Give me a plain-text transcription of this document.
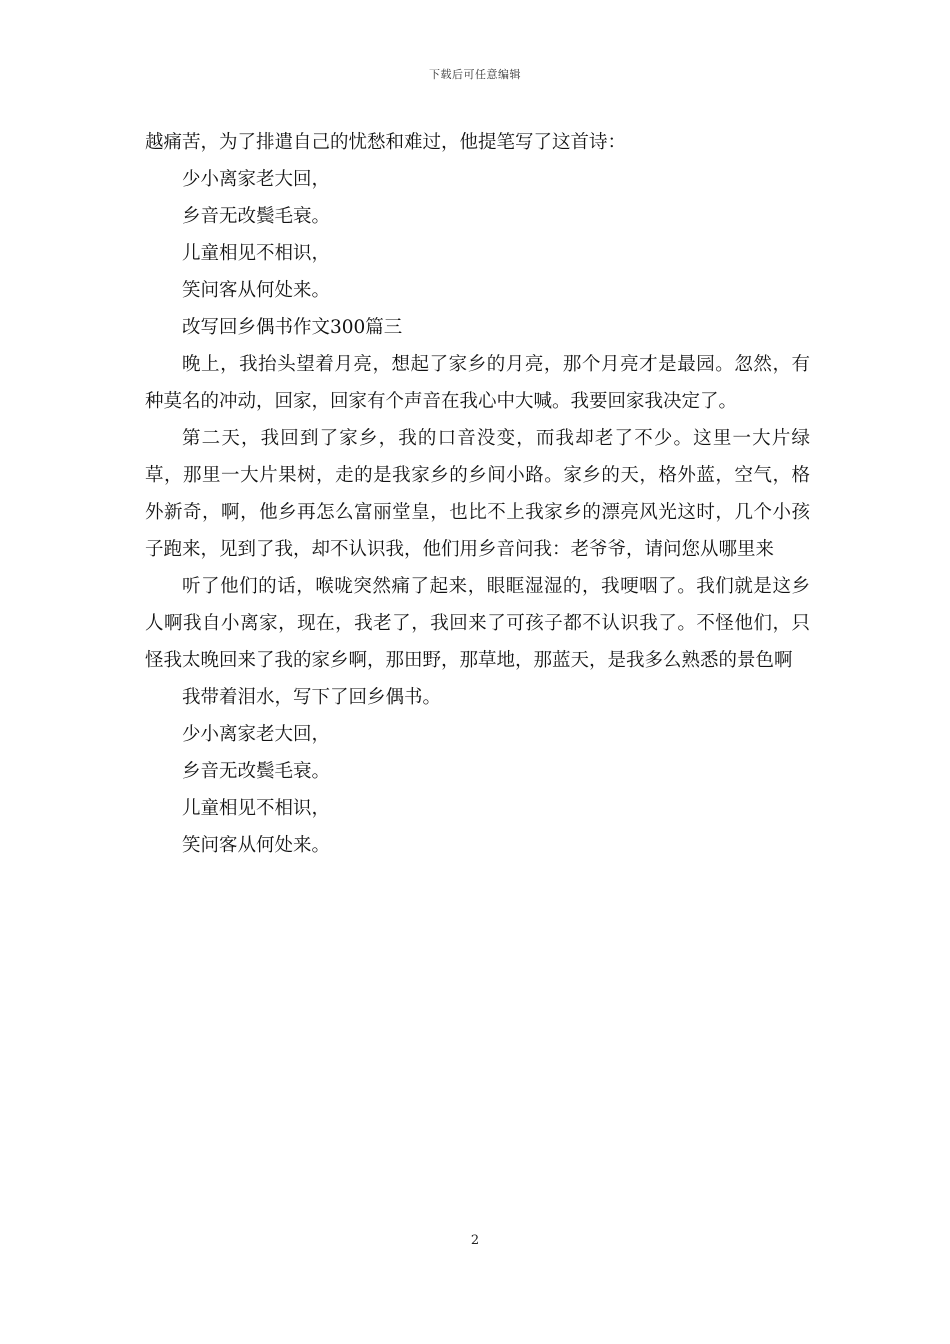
下载后可任意编辑

越痛苦，为了排遣自己的忧愁和难过，他提笔写了这首诗：

少小离家老大回，

乡音无改鬓毛衰。

儿童相见不相识，

笑问客从何处来。

改写回乡偶书作文300篇三

晚上，我抬头望着月亮，想起了家乡的月亮，那个月亮才是最园。忽然，有种莫名的冲动，回家，回家有个声音在我心中大喊。我要回家我决定了。

第二天，我回到了家乡，我的口音没变，而我却老了不少。这里一大片绿草，那里一大片果树，走的是我家乡的乡间小路。家乡的天，格外蓝，空气，格外新奇，啊，他乡再怎么富丽堂皇，也比不上我家乡的漂亮风光这时，几个小孩子跑来，见到了我，却不认识我，他们用乡音问我：老爷爷，请问您从哪里来

听了他们的话，喉咙突然痛了起来，眼眶湿湿的，我哽咽了。我们就是这乡人啊我自小离家，现在，我老了，我回来了可孩子都不认识我了。不怪他们，只怪我太晚回来了我的家乡啊，那田野，那草地，那蓝天，是我多么熟悉的景色啊

我带着泪水，写下了回乡偶书。

少小离家老大回，

乡音无改鬓毛衰。

儿童相见不相识，

笑问客从何处来。

2
